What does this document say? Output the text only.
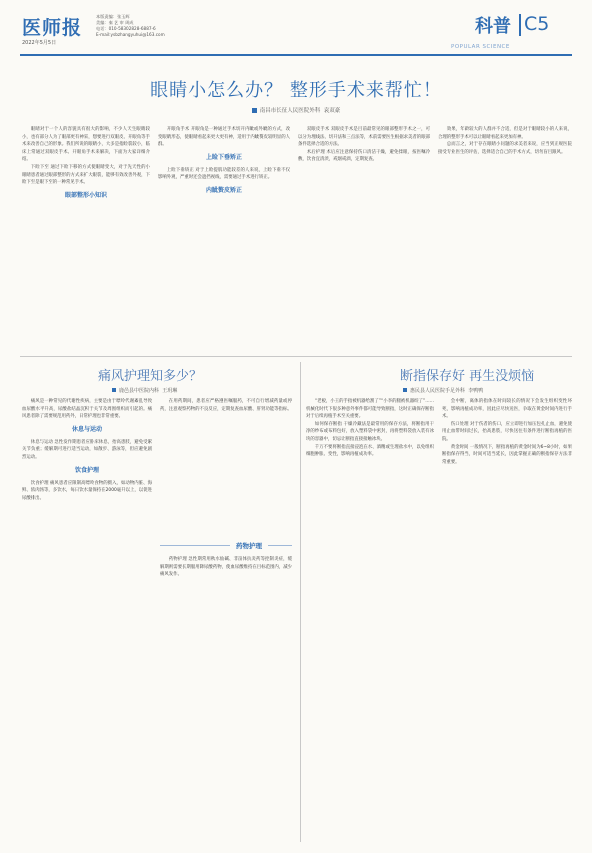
医师报
本版责编：张玉辉
美编：秦 艺 审 周成
电话：010-58302828-6887-6
E-mail:ysbzhangyuhui@163.com
2022年5月5日
科普 C5
POPULAR SCIENCE
眼睛小怎么办？ 整形手术来帮忙！
南昌市长征人民医院外科 袁双豪

眼睛对于一个人的容貌具有很大的影响，不少人天生眼睛较小，也有部分人为了眼部更有神采，想要进行双眼皮、开眼角等手术来改善自己的形象。我们所说的眼睛小，大多是指睑裂较小，临床上常通过双眼皮手术、开眼角手术来解决，下面为大家详细介绍。

下睑下至 通过下睑下移的方式使眼睛变大，对于先天性的小眼睛患者通过眼部整形的方式来扩大眼裂，能够有效改善外观，下睑下至是眼下至的一种常见手术。

眼部整形小知识

开眼角手术 开眼角是一种通过手术切开内眦或外眦的方式，改变眼睛形态，使眼睛看起来更大更有神，适用于内眦赘皮较明显的人群。

上睑下垂矫正

上睑下垂矫正 对于上睑提肌功能较差的人来说，上睑下垂不仅影响外观，严重时还会遮挡视线，需要通过手术进行矫正。

内眦赘皮矫正

双眼皮手术 双眼皮手术是目前最常见的眼部整形手术之一，可以分为埋线法、切开法和三点法等，术前需要医生根据求美者的眼部条件选择合适的方法。

术后护理 术后应注意保持伤口清洁干燥，避免揉眼，按医嘱冷敷，饮食宜清淡，戒烟戒酒，定期复查。

效果，年龄较大的人群并不合适，但是对于眼睛较小的人来说，合理的整形手术可以让眼睛看起来更加有神。

总而言之，对于存在眼睛小问题的求美者来说，应当到正规医院接受专业医生的评估，选择适合自己的手术方式，切勿盲目跟风。

痛风护理知多少？
鹿邑县中医院内科 王玥琳

痛风是一种常见的代谢性疾病，主要是由于嘌呤代谢紊乱导致血尿酸水平升高，尿酸盐结晶沉积于关节及周围组织而引起的。痛风患者除了需要规范用药外，日常护理也非常重要。

休息与运动

休息与运动 急性发作期患者应卧床休息，抬高患肢，避免受累关节负重；缓解期可进行适当运动，如散步、游泳等，但应避免剧烈运动。

饮食护理

饮食护理 痛风患者应限制高嘌呤食物的摄入，如动物内脏、海鲜、浓肉汤等，多饮水，每日饮水量保持在2000毫升以上，以促进尿酸排出。

在用药期间，患者应严格遵医嘱服药，不可自行增减药量或停药，注意观察药物的不良反应，定期复查血尿酸、肝肾功能等指标。

药物护理

药物护理 急性期常用秋水仙碱、非甾体抗炎药等控制炎症，缓解期则需要长期服用降尿酸药物，使血尿酸维持在目标范围内，减少痛风发作。

断指保存好 再生没烦恼
惠民县人民医院手足外科 李鸭鸭

“老板，小王的手指被机器给割了”“小李的腿被机器绞了”……机械化时代下很多种意外事件都可能导致断指，这时正确保存断指对于后续再植手术至关重要。

如何保存断指 干燥冷藏法是最常用的保存方法，将断指用干净的纱布或布料包好，放入塑料袋中密封，再将塑料袋放入装有冰块的容器中，切忌让断指直接接触冰块。

千万不要将断指直接浸泡在水、酒精或生理盐水中，以免组织细胞肿胀、变性，影响再植成功率。

会中断，离体的指体在时间较长的情况下会发生组织变性坏死，影响再植成功率，因此应尽快送医，争取在黄金时间内进行手术。

伤口处理 对于伤者的伤口，应立即进行加压包扎止血，避免使用止血带时间过长，抬高患肢，尽快送往有条件进行断指再植的医院。

黄金时间 一般情况下，断指再植的黄金时间为6~8小时，如果断指保存得当，时间可适当延长，因此掌握正确的断指保存方法非常重要。
